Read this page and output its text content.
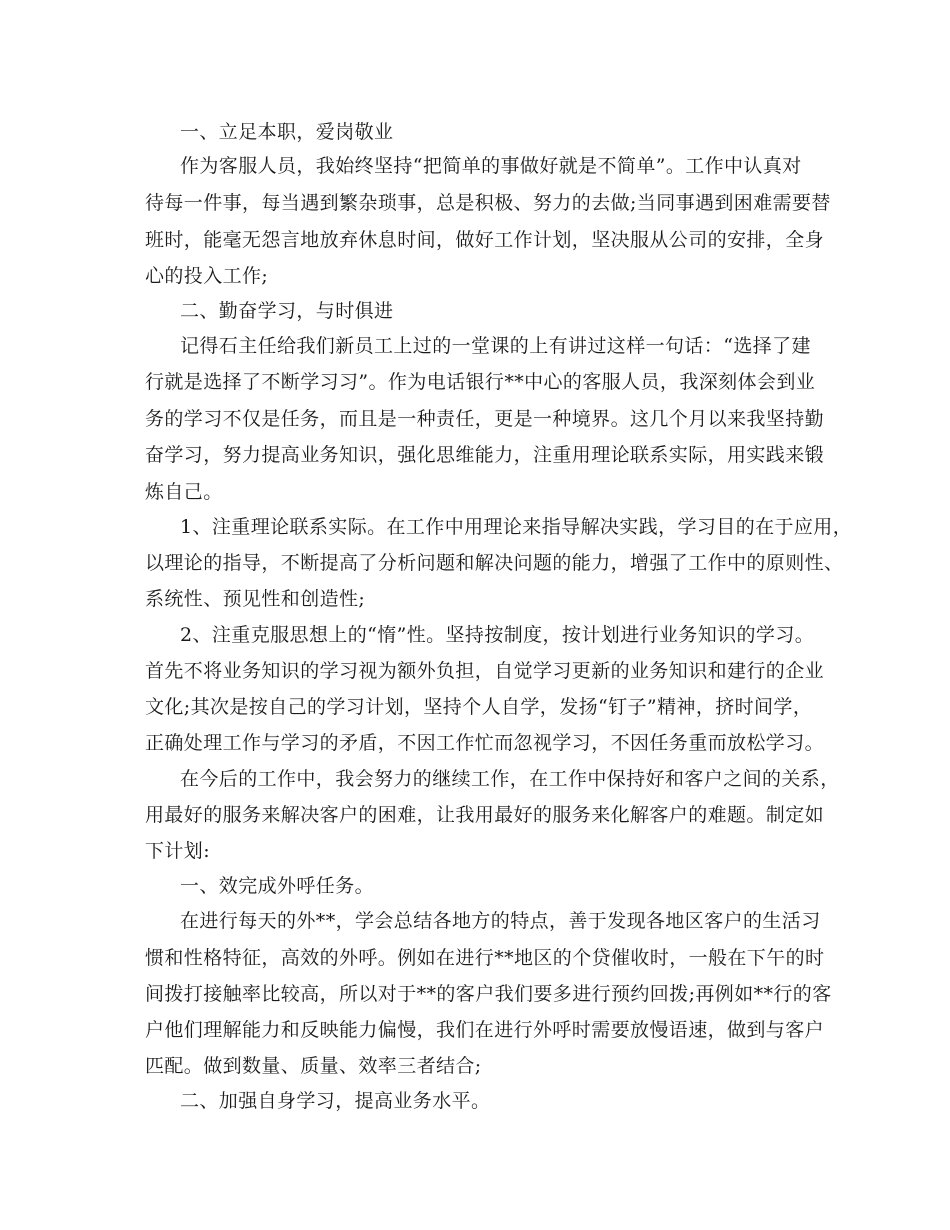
一、立足本职，爱岗敬业
作为客服人员，我始终坚持“把简单的事做好就是不简单”。工作中认真对
待每一件事，每当遇到繁杂琐事，总是积极、努力的去做;当同事遇到困难需要替
班时，能毫无怨言地放弃休息时间，做好工作计划，坚决服从公司的安排，全身
心的投入工作;
二、勤奋学习，与时俱进
记得石主任给我们新员工上过的一堂课的上有讲过这样一句话：“选择了建
行就是选择了不断学习习”。作为电话银行**中心的客服人员，我深刻体会到业
务的学习不仅是任务，而且是一种责任，更是一种境界。这几个月以来我坚持勤
奋学习，努力提高业务知识，强化思维能力，注重用理论联系实际，用实践来锻
炼自己。
1、注重理论联系实际。在工作中用理论来指导解决实践，学习目的在于应用，
以理论的指导，不断提高了分析问题和解决问题的能力，增强了工作中的原则性、
系统性、预见性和创造性;
2、注重克服思想上的“惰”性。坚持按制度，按计划进行业务知识的学习。
首先不将业务知识的学习视为额外负担，自觉学习更新的业务知识和建行的企业
文化;其次是按自己的学习计划，坚持个人自学，发扬“钉子”精神，挤时间学，
正确处理工作与学习的矛盾，不因工作忙而忽视学习，不因任务重而放松学习。
在今后的工作中，我会努力的继续工作，在工作中保持好和客户之间的关系，
用最好的服务来解决客户的困难，让我用最好的服务来化解客户的难题。制定如
下计划:
一、效完成外呼任务。
在进行每天的外**，学会总结各地方的特点，善于发现各地区客户的生活习
惯和性格特征，高效的外呼。例如在进行**地区的个贷催收时，一般在下午的时
间拨打接触率比较高，所以对于**的客户我们要多进行预约回拨;再例如**行的客
户他们理解能力和反映能力偏慢，我们在进行外呼时需要放慢语速，做到与客户
匹配。做到数量、质量、效率三者结合;
二、加强自身学习，提高业务水平。
